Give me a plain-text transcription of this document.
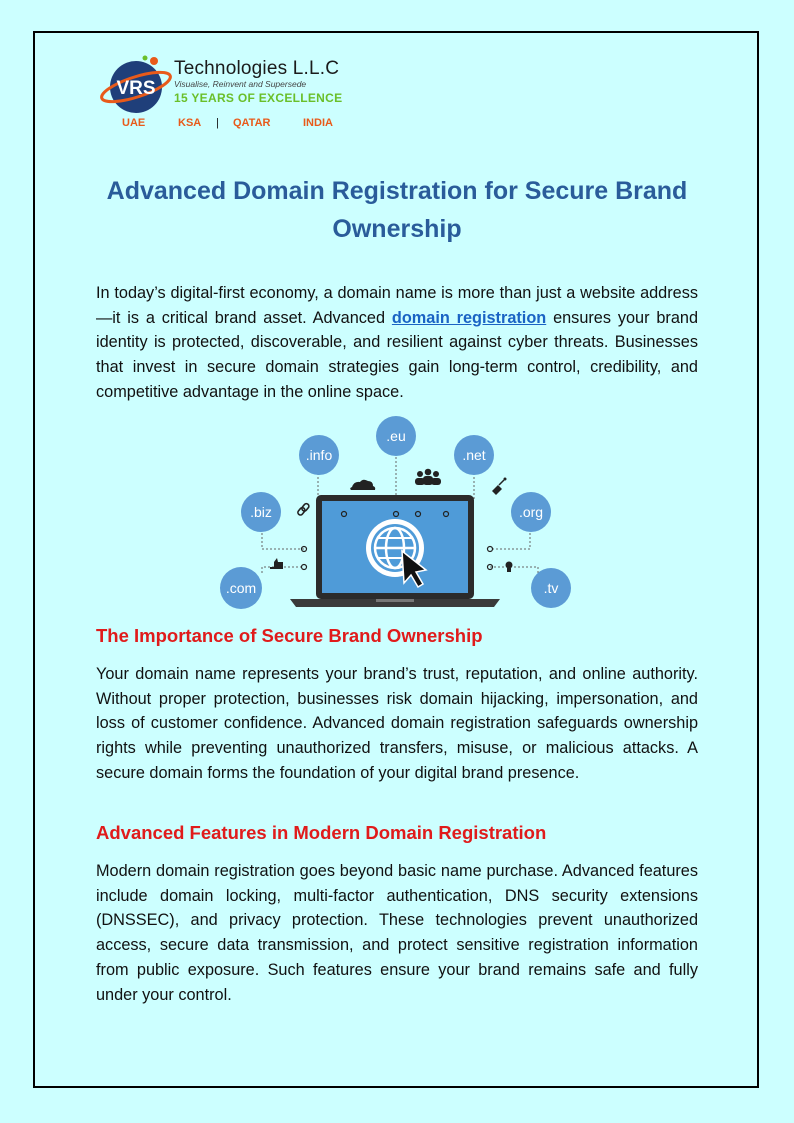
VRS
Technologies L.L.C
Visualise, Reinvent and Supersede
15 YEARS OF EXCELLENCE
UAE	KSA	|	QATAR	INDIA
Advanced Domain Registration for Secure Brand Ownership

In today’s digital-first economy, a domain name is more than just a website address—it is a critical brand asset. Advanced domain registration ensures your brand identity is protected, discoverable, and resilient against cyber threats. Businesses that invest in secure domain strategies gain long-term control, credibility, and competitive advantage in the online space.

.eu
.info	.net
.biz	.org
.com	.tv
The Importance of Secure Brand Ownership

Your domain name represents your brand’s trust, reputation, and online authority. Without proper protection, businesses risk domain hijacking, impersonation, and loss of customer confidence. Advanced domain registration safeguards ownership rights while preventing unauthorized transfers, misuse, or malicious attacks. A secure domain forms the foundation of your digital brand presence.

Advanced Features in Modern Domain Registration

Modern domain registration goes beyond basic name purchase. Advanced features include domain locking, multi-factor authentication, DNS security extensions (DNSSEC), and privacy protection. These technologies prevent unauthorized access, secure data transmission, and protect sensitive registration information from public exposure. Such features ensure your brand remains safe and fully under your control.
